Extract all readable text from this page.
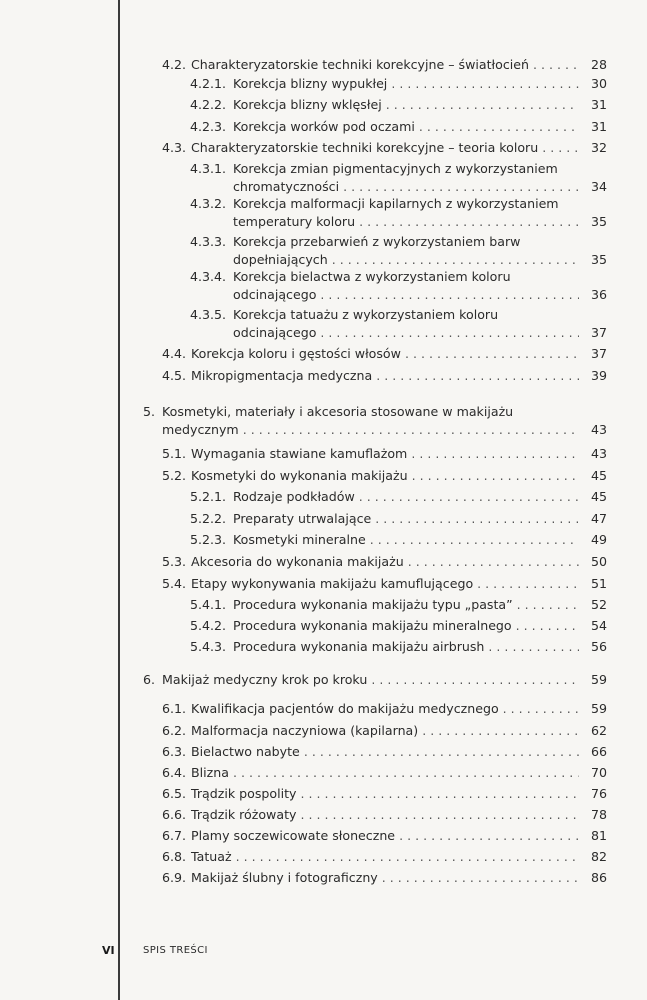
4.2. Charakteryzatorskie techniki korekcyjne – światłocień . . .	28
4.2.1. Korekcja blizny wypukłej . . .	30
4.2.2. Korekcja blizny wklęsłej . . .	31
4.2.3. Korekcja worków pod oczami . . .	31
4.3. Charakteryzatorskie techniki korekcyjne – teoria koloru . . .	32
4.3.1. Korekcja zmian pigmentacyjnych z wykorzystaniem
chromatyczności . . .	34
4.3.2. Korekcja malformacji kapilarnych z wykorzystaniem
temperatury koloru . . .	35
4.3.3. Korekcja przebarwień z wykorzystaniem barw
dopełniających . . .	35
4.3.4. Korekcja bielactwa z wykorzystaniem koloru
odcinającego . . .	36
4.3.5. Korekcja tatuażu z wykorzystaniem koloru
odcinającego . . .	37
4.4. Korekcja koloru i gęstości włosów . . .	37
4.5. Mikropigmentacja medyczna . . .	39
5. Kosmetyki, materiały i akcesoria stosowane w makijażu
medycznym . . .	43
5.1. Wymagania stawiane kamuflażom . . .	43
5.2. Kosmetyki do wykonania makijażu . . .	45
5.2.1. Rodzaje podkładów . . .	45
5.2.2. Preparaty utrwalające . . .	47
5.2.3. Kosmetyki mineralne . . .	49
5.3. Akcesoria do wykonania makijażu . . .	50
5.4. Etapy wykonywania makijażu kamuflującego . . .	51
5.4.1. Procedura wykonania makijażu typu „pasta” . . .	52
5.4.2. Procedura wykonania makijażu mineralnego . . .	54
5.4.3. Procedura wykonania makijażu airbrush . . .	56
6. Makijaż medyczny krok po kroku . . .	59
6.1. Kwalifikacja pacjentów do makijażu medycznego . . .	59
6.2. Malformacja naczyniowa (kapilarna) . . .	62
6.3. Bielactwo nabyte . . .	66
6.4. Blizna . . .	70
6.5. Trądzik pospolity . . .	76
6.6. Trądzik różowaty . . .	78
6.7. Plamy soczewicowate słoneczne . . .	81
6.8. Tatuaż . . .	82
6.9. Makijaż ślubny i fotograficzny . . .	86
VI	SPIS TREŚCI
